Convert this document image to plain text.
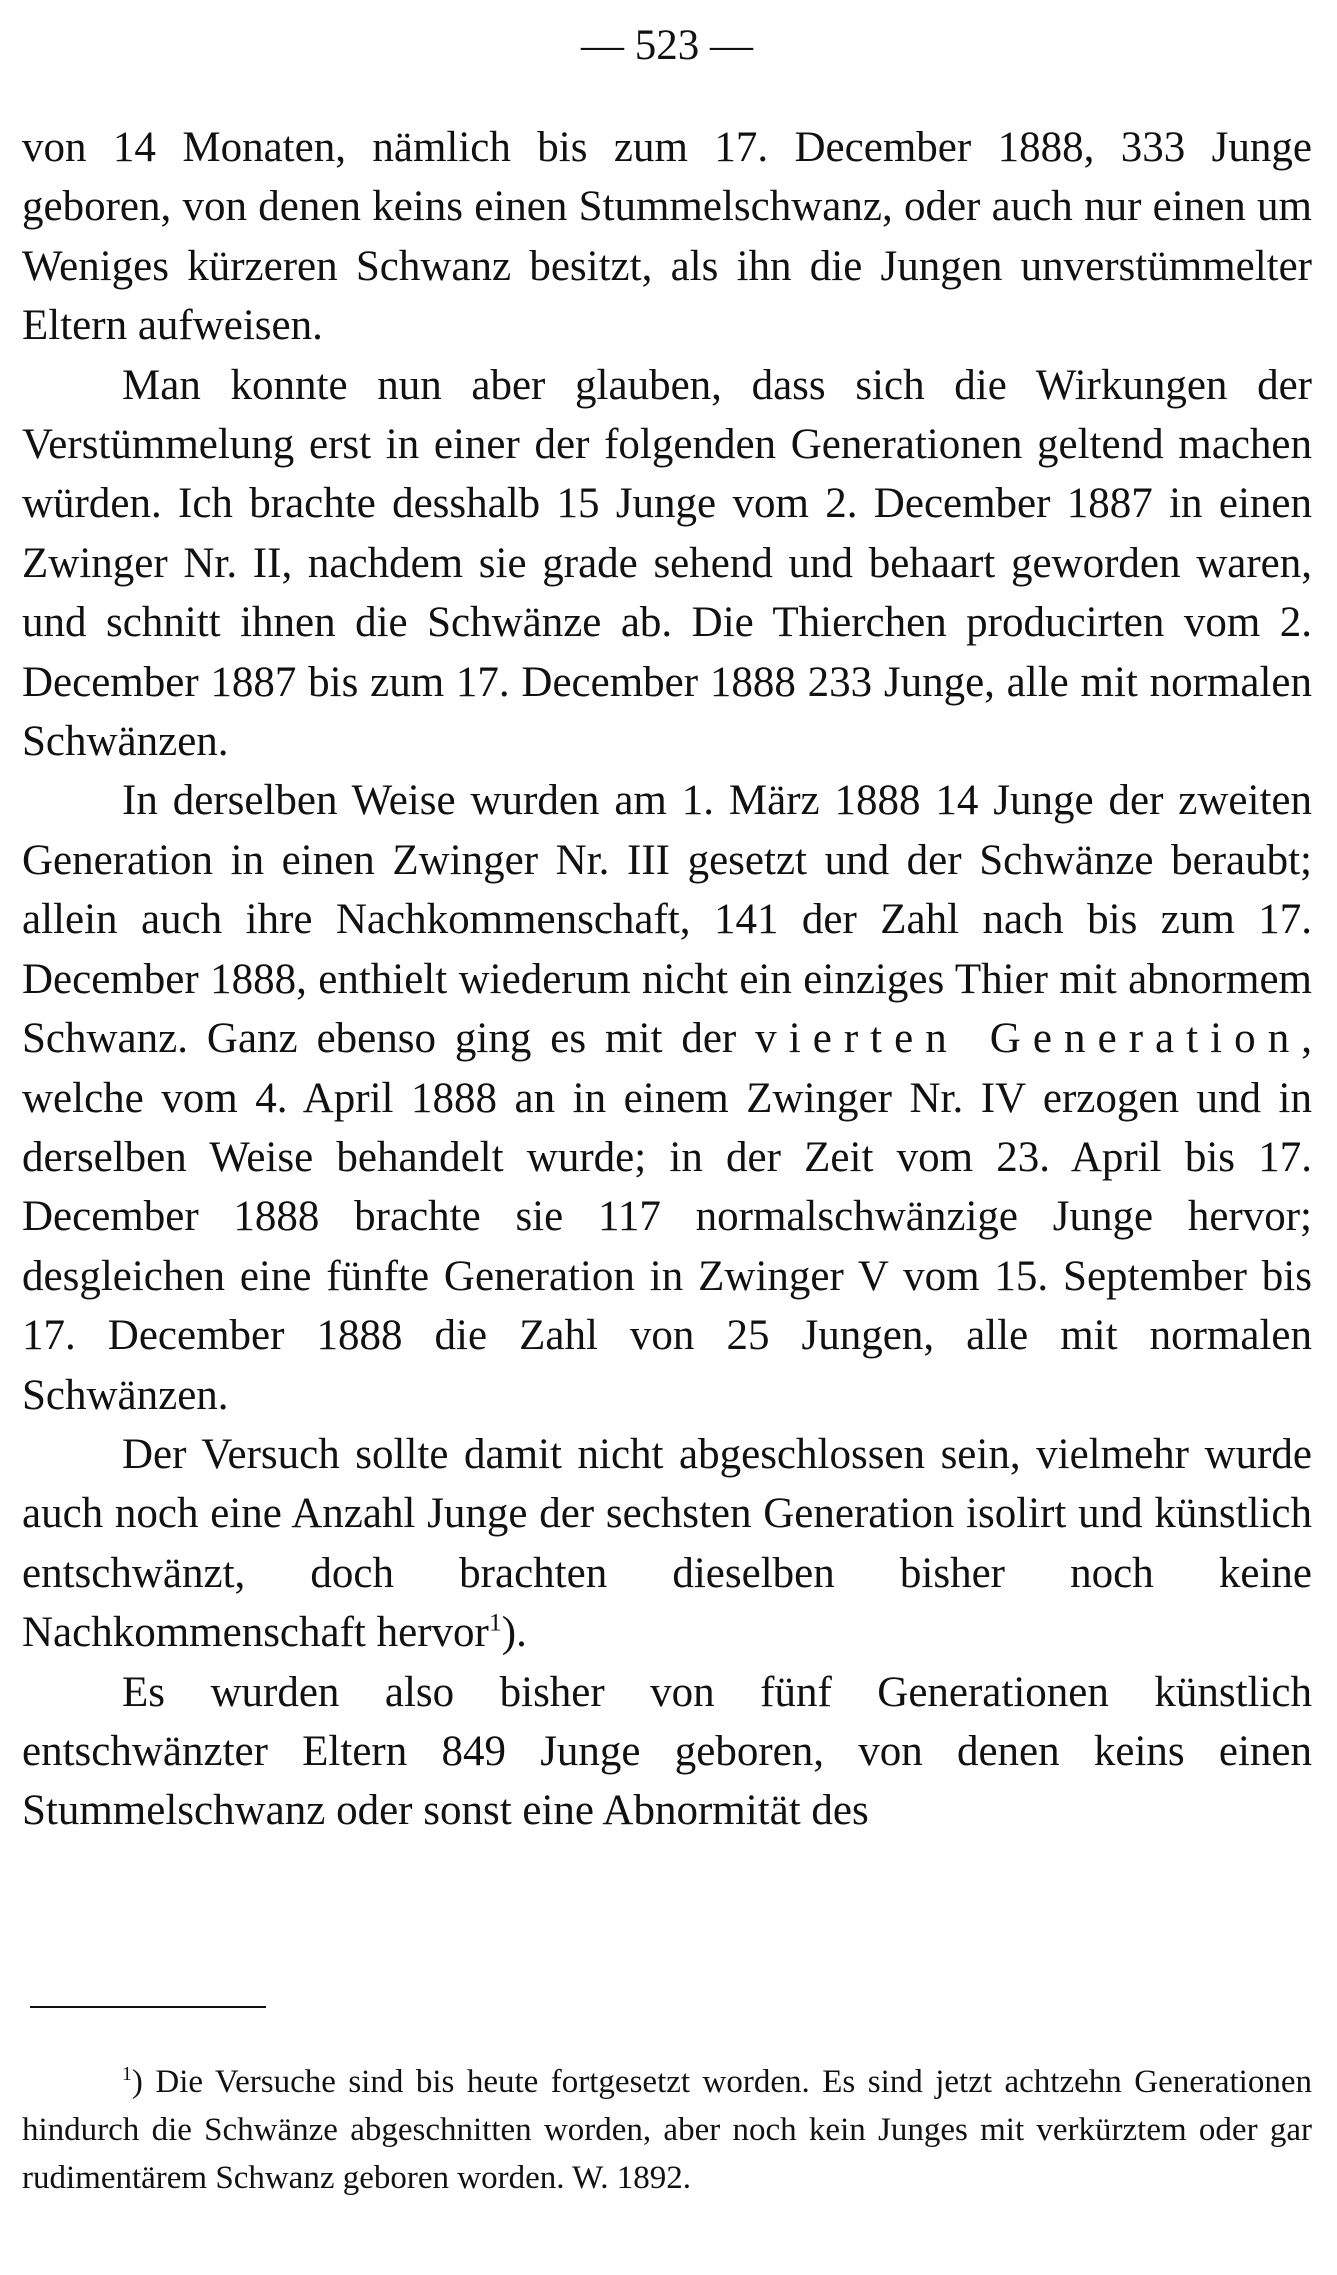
— 523 —

von 14 Monaten, nämlich bis zum 17. December 1888, 333 Junge geboren, von denen keins einen Stummelschwanz, oder auch nur einen um Weniges kürzeren Schwanz besitzt, als ihn die Jungen unverstümmelter Eltern aufweisen.

Man konnte nun aber glauben, dass sich die Wirkungen der Verstümmelung erst in einer der folgenden Generationen geltend machen würden. Ich brachte desshalb 15 Junge vom 2. December 1887 in einen Zwinger Nr. II, nachdem sie grade sehend und behaart geworden waren, und schnitt ihnen die Schwänze ab. Die Thierchen producirten vom 2. December 1887 bis zum 17. December 1888 233 Junge, alle mit normalen Schwänzen.

In derselben Weise wurden am 1. März 1888 14 Junge der zweiten Generation in einen Zwinger Nr. III gesetzt und der Schwänze beraubt; allein auch ihre Nachkommenschaft, 141 der Zahl nach bis zum 17. December 1888, enthielt wiederum nicht ein einziges Thier mit abnormem Schwanz. Ganz ebenso ging es mit der vierten Generation, welche vom 4. April 1888 an in einem Zwinger Nr. IV erzogen und in derselben Weise behandelt wurde; in der Zeit vom 23. April bis 17. December 1888 brachte sie 117 normalschwänzige Junge hervor; desgleichen eine fünfte Generation in Zwinger V vom 15. September bis 17. December 1888 die Zahl von 25 Jungen, alle mit normalen Schwänzen.

Der Versuch sollte damit nicht abgeschlossen sein, vielmehr wurde auch noch eine Anzahl Junge der sechsten Generation isolirt und künstlich entschwänzt, doch brachten dieselben bisher noch keine Nachkommenschaft hervor$^1$).

Es wurden also bisher von fünf Generationen künstlich entschwänzter Eltern 849 Junge geboren, von denen keins einen Stummelschwanz oder sonst eine Abnormität des

$^1$) Die Versuche sind bis heute fortgesetzt worden. Es sind jetzt achtzehn Generationen hindurch die Schwänze abgeschnitten worden, aber noch kein Junges mit verkürztem oder gar rudimentärem Schwanz geboren worden. W. 1892.
